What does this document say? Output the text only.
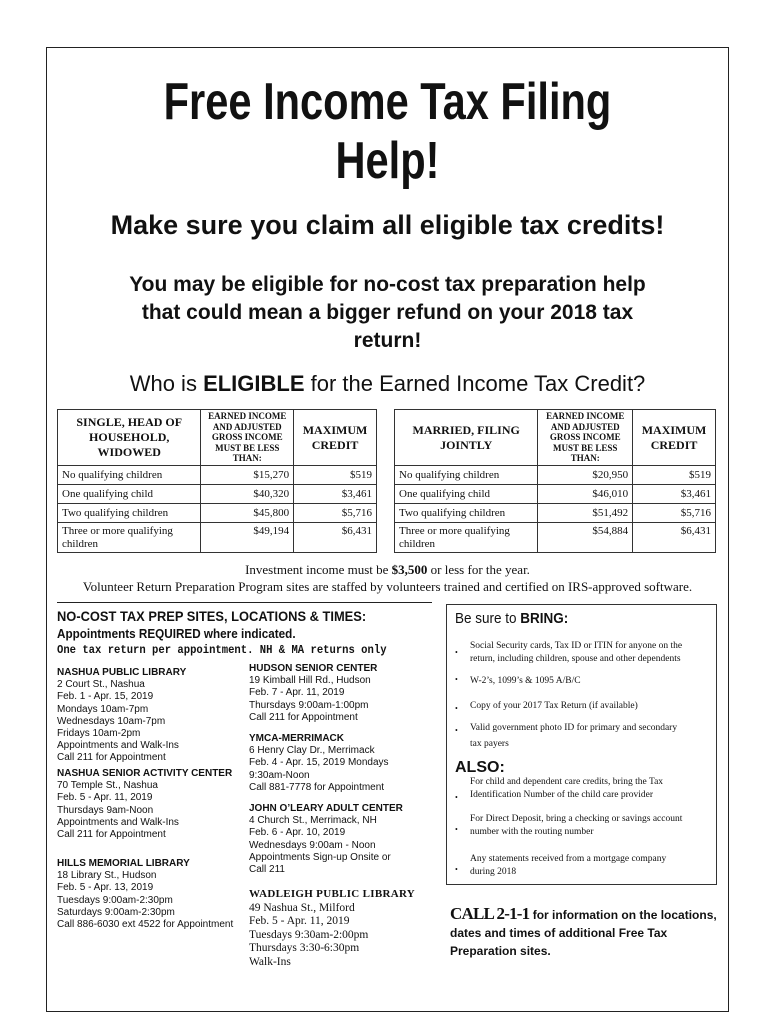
Free Income Tax Filing
Help!
Make sure you claim all eligible tax credits!

You may be eligible for no-cost tax preparation help

that could mean a bigger refund on your 2018 tax

return!

Who is ELIGIBLE for the Earned Income Tax Credit?

SINGLE, HEAD OF HOUSEHOLD, WIDOWED	EARNED INCOME AND ADJUSTED GROSS INCOME MUST BE LESS THAN:	MAXIMUM CREDIT
No qualifying children	$15,270	$519
One qualifying child	$40,320	$3,461
Two qualifying children	$45,800	$5,716
Three or more qualifying children	$49,194	$6,431
MARRIED, FILING JOINTLY	EARNED INCOME AND ADJUSTED GROSS INCOME MUST BE LESS THAN:	MAXIMUM CREDIT
No qualifying children	$20,950	$519
One qualifying child	$46,010	$3,461
Two qualifying children	$51,492	$5,716
Three or more qualifying children	$54,884	$6,431

Investment income must be $3,500 or less for the year.

Volunteer Return Preparation Program sites are staffed by volunteers trained and certified on IRS-approved software.

NO-COST TAX PREP SITES, LOCATIONS & TIMES:

Appointments REQUIRED where indicated.

One tax return per appointment. NH & MA returns only

NASHUA PUBLIC LIBRARY
2 Court St., Nashua
Feb. 1 - Apr. 15, 2019
Mondays 10am-7pm
Wednesdays 10am-7pm
Fridays 10am-2pm
Appointments and Walk-Ins
Call 211 for Appointment
NASHUA SENIOR ACTIVITY CENTER
70 Temple St., Nashua
Feb. 5 - Apr. 11, 2019
Thursdays 9am-Noon
Appointments and Walk-Ins
Call 211 for Appointment
HILLS MEMORIAL LIBRARY
18 Library St., Hudson
Feb. 5 - Apr. 13, 2019
Tuesdays 9:00am-2:30pm
Saturdays 9:00am-2:30pm
Call 886-6030 ext 4522 for Appointment
HUDSON SENIOR CENTER
19 Kimball Hill Rd., Hudson
Feb. 7 - Apr. 11, 2019
Thursdays 9:00am-1:00pm
Call 211 for Appointment
YMCA-MERRIMACK
6 Henry Clay Dr., Merrimack
Feb. 4 - Apr. 15, 2019 Mondays
9:30am-Noon
Call 881-7778 for Appointment
JOHN O’LEARY ADULT CENTER
4 Church St., Merrimack, NH
Feb. 6 - Apr. 10, 2019
Wednesdays 9:00am - Noon
Appointments Sign-up Onsite or
Call 211
WADLEIGH PUBLIC LIBRARY
49 Nashua St., Milford
Feb. 5 - Apr. 11, 2019
Tuesdays 9:30am-2:00pm
Thursdays 3:30-6:30pm
Walk-Ins

Be sure to BRING:

•
Social Security cards, Tax ID or ITIN for anyone on the
return, including children, spouse and other dependents
•	W-2’s, 1099’s & 1095 A/B/C
•	Copy of your 2017 Tax Return (if available)
•	Valid government photo ID for primary and secondary
tax payers
ALSO:
•
For child and dependent care credits, bring the Tax
Identification Number of the child care provider
•
For Direct Deposit, bring a checking or savings account
number with the routing number
•
Any statements received from a mortgage company
during 2018

CALL 2-1-1 for information on the locations, dates and times of additional Free Tax Preparation sites.
